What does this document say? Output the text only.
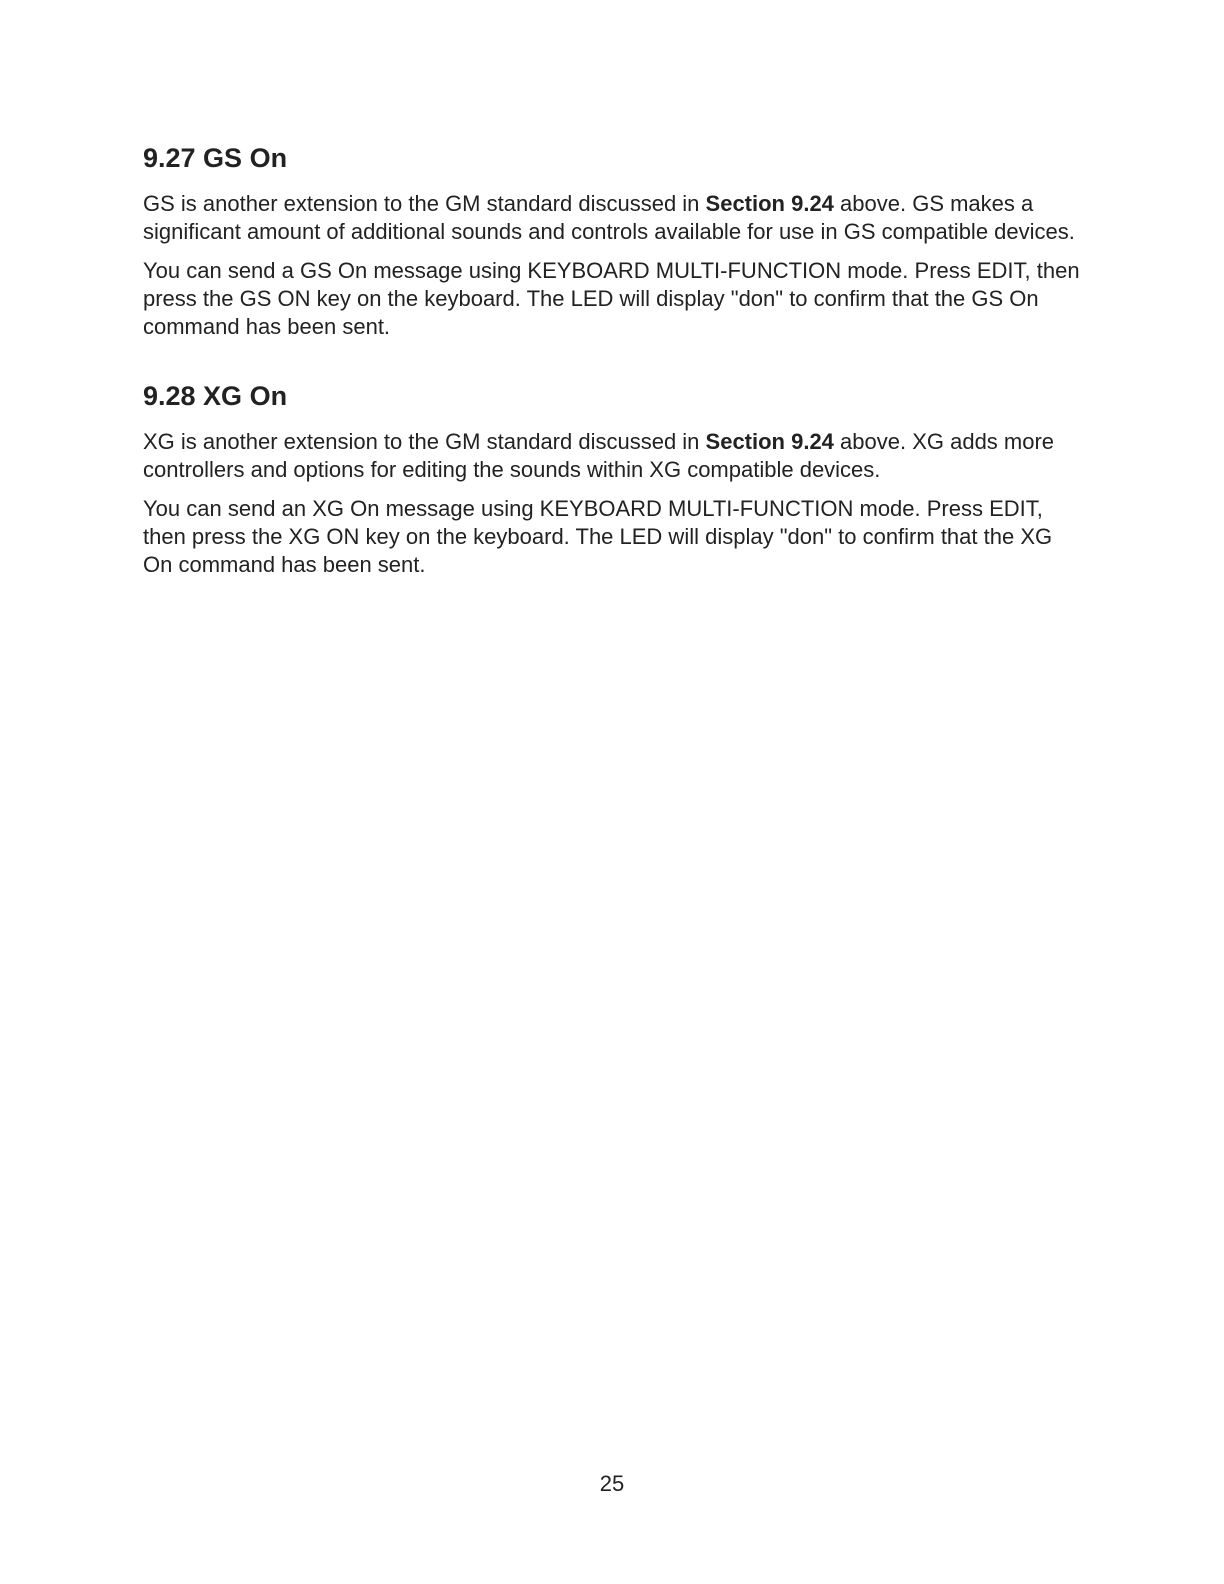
9.27 GS On

GS is another extension to the GM standard discussed in Section 9.24 above. GS makes a significant amount of additional sounds and controls available for use in GS compatible devices.

You can send a GS On message using KEYBOARD MULTI-FUNCTION mode. Press EDIT, then press the GS ON key on the keyboard. The LED will display "don" to confirm that the GS On command has been sent.

9.28 XG On

XG is another extension to the GM standard discussed in Section 9.24 above. XG adds more controllers and options for editing the sounds within XG compatible devices.

You can send an XG On message using KEYBOARD MULTI-FUNCTION mode. Press EDIT, then press the XG ON key on the keyboard. The LED will display "don" to confirm that the XG On command has been sent.

25
